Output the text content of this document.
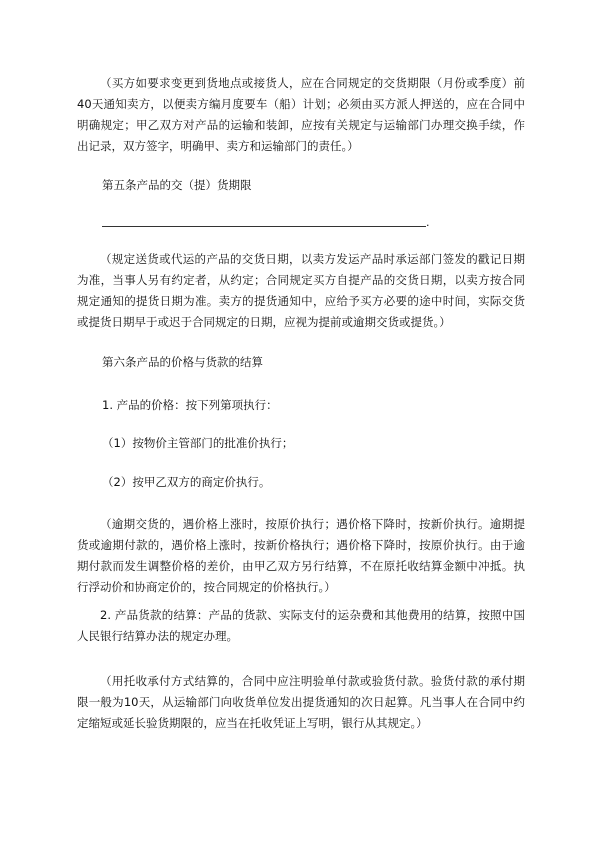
（买方如要求变更到货地点或接货人，应在合同规定的交货期限（月份或季度）前40天通知卖方，以便卖方编月度要车（船）计划；必须由买方派人押送的，应在合同中明确规定；甲乙双方对产品的运输和装卸，应按有关规定与运输部门办理交换手续，作出记录，双方签字，明确甲、卖方和运输部门的责任。）

第五条产品的交（提）货期限

.

（规定送货或代运的产品的交货日期，以卖方发运产品时承运部门签发的戳记日期为准，当事人另有约定者，从约定；合同规定买方自提产品的交货日期，以卖方按合同规定通知的提货日期为准。卖方的提货通知中，应给予买方必要的途中时间，实际交货或提货日期早于或迟于合同规定的日期，应视为提前或逾期交货或提货。）

第六条产品的价格与货款的结算

1. 产品的价格：按下列第项执行：

（1）按物价主管部门的批准价执行；

（2）按甲乙双方的商定价执行。

（逾期交货的，遇价格上涨时，按原价执行；遇价格下降时，按新价执行。逾期提货或逾期付款的，遇价格上涨时，按新价格执行；遇价格下降时，按原价执行。由于逾期付款而发生调整价格的差价，由甲乙双方另行结算，不在原托收结算金额中冲抵。执行浮动价和协商定价的，按合同规定的价格执行。）

2. 产品货款的结算：产品的货款、实际支付的运杂费和其他费用的结算，按照中国人民银行结算办法的规定办理。

（用托收承付方式结算的，合同中应注明验单付款或验货付款。验货付款的承付期限一般为10天，从运输部门向收货单位发出提货通知的次日起算。凡当事人在合同中约定缩短或延长验货期限的，应当在托收凭证上写明，银行从其规定。）
